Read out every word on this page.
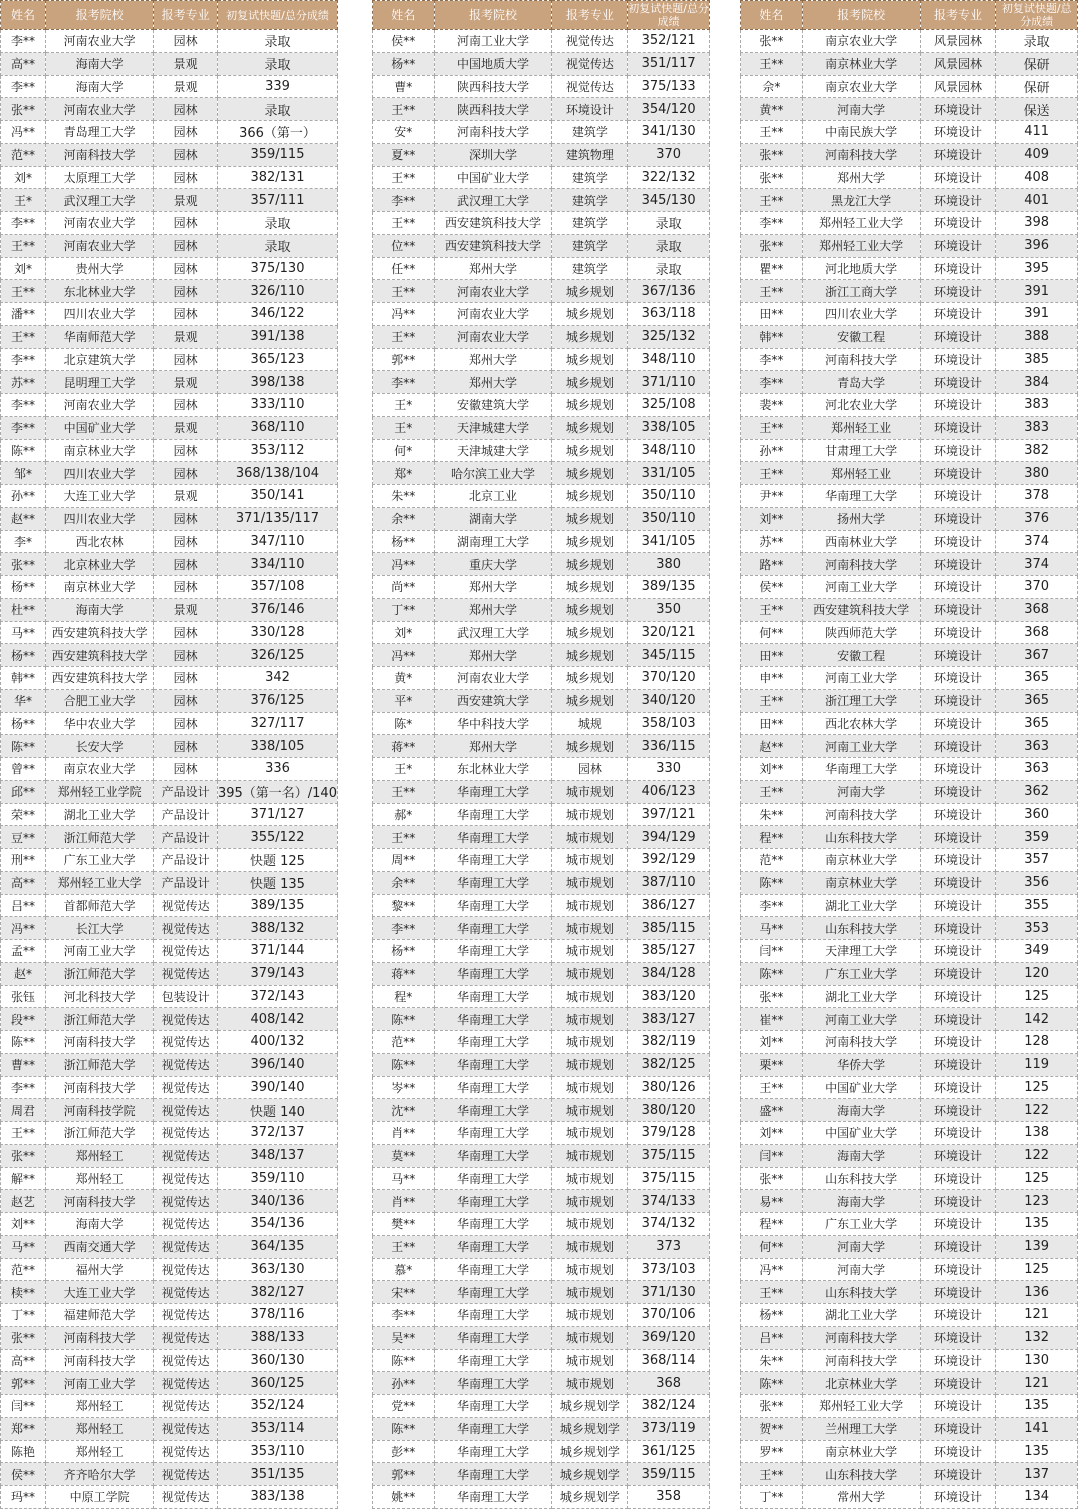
姓名	报考院校	报考专业	初复试快题/总分成绩
李**	河南农业大学	园林	录取
高**	海南大学	景观	录取
李**	海南大学	景观	339
张**	河南农业大学	园林	录取
冯**	青岛理工大学	园林	366（第一）
范**	河南科技大学	园林	359/115
刘*	太原理工大学	园林	382/131
王*	武汉理工大学	景观	357/111
李**	河南农业大学	园林	录取
王**	河南农业大学	园林	录取
刘*	贵州大学	园林	375/130
王**	东北林业大学	园林	326/110
潘**	四川农业大学	园林	346/122
王**	华南师范大学	景观	391/138
李**	北京建筑大学	园林	365/123
苏**	昆明理工大学	景观	398/138
李**	河南农业大学	园林	333/110
李**	中国矿业大学	景观	368/110
陈**	南京林业大学	园林	353/112
邹*	四川农业大学	园林	368/138/104
孙**	大连工业大学	景观	350/141
赵**	四川农业大学	园林	371/135/117
李*	西北农林	园林	347/110
张**	北京林业大学	园林	334/110
杨**	南京林业大学	园林	357/108
杜**	海南大学	景观	376/146
马**	西安建筑科技大学	园林	330/128
杨**	西安建筑科技大学	园林	326/125
韩**	西安建筑科技大学	园林	342
华*	合肥工业大学	园林	376/125
杨**	华中农业大学	园林	327/117
陈**	长安大学	园林	338/105
曾**	南京农业大学	园林	336
邱**	郑州轻工业学院	产品设计	395（第一名）/140
荣**	湖北工业大学	产品设计	371/127
豆**	浙江师范大学	产品设计	355/122
刑**	广东工业大学	产品设计	快题 125
高**	郑州轻工业大学	产品设计	快题 135
吕**	首都师范大学	视觉传达	389/135
冯**	长江大学	视觉传达	388/132
孟**	河南工业大学	视觉传达	371/144
赵*	浙江师范大学	视觉传达	379/143
张钰	河北科技大学	包装设计	372/143
段**	浙江师范大学	视觉传达	408/142
陈**	河南科技大学	视觉传达	400/132
曹**	浙江师范大学	视觉传达	396/140
李**	河南科技大学	视觉传达	390/140
周君	河南科技学院	视觉传达	快题 140
王**	浙江师范大学	视觉传达	372/137
张**	郑州轻工	视觉传达	348/137
解**	郑州轻工	视觉传达	359/110
赵艺	河南科技大学	视觉传达	340/136
刘**	海南大学	视觉传达	354/136
马**	西南交通大学	视觉传达	364/135
范**	福州大学	视觉传达	363/130
椟**	大连工业大学	视觉传达	382/127
丁**	福建师范大学	视觉传达	378/116
张**	河南科技大学	视觉传达	388/133
高**	河南科技大学	视觉传达	360/130
郭**	河南工业大学	视觉传达	360/125
闫**	郑州轻工	视觉传达	352/124
郑**	郑州轻工	视觉传达	353/114
陈艳	郑州轻工	视觉传达	353/110
侯**	齐齐哈尔大学	视觉传达	351/135
玛**	中原工学院	视觉传达	383/138
姓名	报考院校	报考专业	初复试快题/总分成绩
侯**	河南工业大学	视觉传达	352/121
杨**	中国地质大学	视觉传达	351/117
曹*	陕西科技大学	视觉传达	375/133
王**	陕西科技大学	环境设计	354/120
安*	河南科技大学	建筑学	341/130
夏**	深圳大学	建筑物理	370
王**	中国矿业大学	建筑学	322/132
李**	武汉理工大学	建筑学	345/130
王**	西安建筑科技大学	建筑学	录取
位**	西安建筑科技大学	建筑学	录取
任**	郑州大学	建筑学	录取
王**	河南农业大学	城乡规划	367/136
冯**	河南农业大学	城乡规划	363/118
王**	河南农业大学	城乡规划	325/132
郭**	郑州大学	城乡规划	348/110
李**	郑州大学	城乡规划	371/110
王*	安徽建筑大学	城乡规划	325/108
王*	天津城建大学	城乡规划	338/105
何*	天津城建大学	城乡规划	348/110
郑*	哈尔滨工业大学	城乡规划	331/105
朱**	北京工业	城乡规划	350/110
余**	湖南大学	城乡规划	350/110
杨**	湖南理工大学	城乡规划	341/105
冯**	重庆大学	城乡规划	380
尚**	郑州大学	城乡规划	389/135
丁**	郑州大学	城乡规划	350
刘*	武汉理工大学	城乡规划	320/121
冯**	郑州大学	城乡规划	345/115
黄*	河南农业大学	城乡规划	370/120
平*	西安建筑大学	城乡规划	340/120
陈*	华中科技大学	城规	358/103
蒋**	郑州大学	城乡规划	336/115
王*	东北林业大学	园林	330
王**	华南理工大学	城市规划	406/123
郝*	华南理工大学	城市规划	397/121
王**	华南理工大学	城市规划	394/129
周**	华南理工大学	城市规划	392/129
余**	华南理工大学	城市规划	387/110
黎**	华南理工大学	城市规划	386/127
李**	华南理工大学	城市规划	385/115
杨**	华南理工大学	城市规划	385/127
蒋**	华南理工大学	城市规划	384/128
程*	华南理工大学	城市规划	383/120
陈**	华南理工大学	城市规划	383/127
范**	华南理工大学	城市规划	382/119
陈**	华南理工大学	城市规划	382/125
岑**	华南理工大学	城市规划	380/126
沈**	华南理工大学	城市规划	380/120
肖**	华南理工大学	城市规划	379/128
莫**	华南理工大学	城市规划	375/115
马**	华南理工大学	城市规划	375/115
肖**	华南理工大学	城市规划	374/133
樊**	华南理工大学	城市规划	374/132
王**	华南理工大学	城市规划	373
慕*	华南理工大学	城市规划	373/103
宋**	华南理工大学	城市规划	371/130
李**	华南理工大学	城市规划	370/106
吴**	华南理工大学	城市规划	369/120
陈**	华南理工大学	城市规划	368/114
孙**	华南理工大学	城市规划	368
党**	华南理工大学	城乡规划学	382/124
陈**	华南理工大学	城乡规划学	373/119
彭**	华南理工大学	城乡规划学	361/125
郭**	华南理工大学	城乡规划学	359/115
姚**	华南理工大学	城乡规划学	358
姓名	报考院校	报考专业	初复试快题/总分成绩
张**	南京农业大学	风景园林	录取
王**	南京林业大学	风景园林	保研
佘*	南京农业大学	风景园林	保研
黄**	河南大学	环境设计	保送
王**	中南民族大学	环境设计	411
张**	河南科技大学	环境设计	409
张**	郑州大学	环境设计	408
王**	黑龙江大学	环境设计	401
李**	郑州轻工业大学	环境设计	398
张**	郑州轻工业大学	环境设计	396
瞿**	河北地质大学	环境设计	395
王**	浙江工商大学	环境设计	391
田**	四川农业大学	环境设计	391
韩**	安徽工程	环境设计	388
李**	河南科技大学	环境设计	385
李**	青岛大学	环境设计	384
裴**	河北农业大学	环境设计	383
王**	郑州轻工业	环境设计	383
孙**	甘肃理工大学	环境设计	382
王**	郑州轻工业	环境设计	380
尹**	华南理工大学	环境设计	378
刘**	扬州大学	环境设计	376
苏**	西南林业大学	环境设计	374
路**	河南科技大学	环境设计	374
侯**	河南工业大学	环境设计	370
王**	西安建筑科技大学	环境设计	368
何**	陕西师范大学	环境设计	368
田**	安徽工程	环境设计	367
申**	河南工业大学	环境设计	365
王**	浙江理工大学	环境设计	365
田**	西北农林大学	环境设计	365
赵**	河南工业大学	环境设计	363
刘**	华南理工大学	环境设计	363
王**	河南大学	环境设计	362
朱**	河南科技大学	环境设计	360
程**	山东科技大学	环境设计	359
范**	南京林业大学	环境设计	357
陈**	南京林业大学	环境设计	356
李**	湖北工业大学	环境设计	355
马**	山东科技大学	环境设计	353
闫**	天津理工大学	环境设计	349
陈**	广东工业大学	环境设计	120
张**	湖北工业大学	环境设计	125
崔**	河南工业大学	环境设计	142
刘**	河南科技大学	环境设计	128
栗**	华侨大学	环境设计	119
王**	中国矿业大学	环境设计	125
盛**	海南大学	环境设计	122
刘**	中国矿业大学	环境设计	138
闫**	海南大学	环境设计	122
张**	山东科技大学	环境设计	125
易**	海南大学	环境设计	123
程**	广东工业大学	环境设计	135
何**	河南大学	环境设计	139
冯**	河南大学	环境设计	125
王**	山东科技大学	环境设计	136
杨**	湖北工业大学	环境设计	121
吕**	河南科技大学	环境设计	132
朱**	河南科技大学	环境设计	130
陈**	北京林业大学	环境设计	121
张**	郑州轻工业大学	环境设计	135
贺**	兰州理工大学	环境设计	141
罗**	南京林业大学	环境设计	135
王**	山东科技大学	环境设计	137
丁**	常州大学	环境设计	134
